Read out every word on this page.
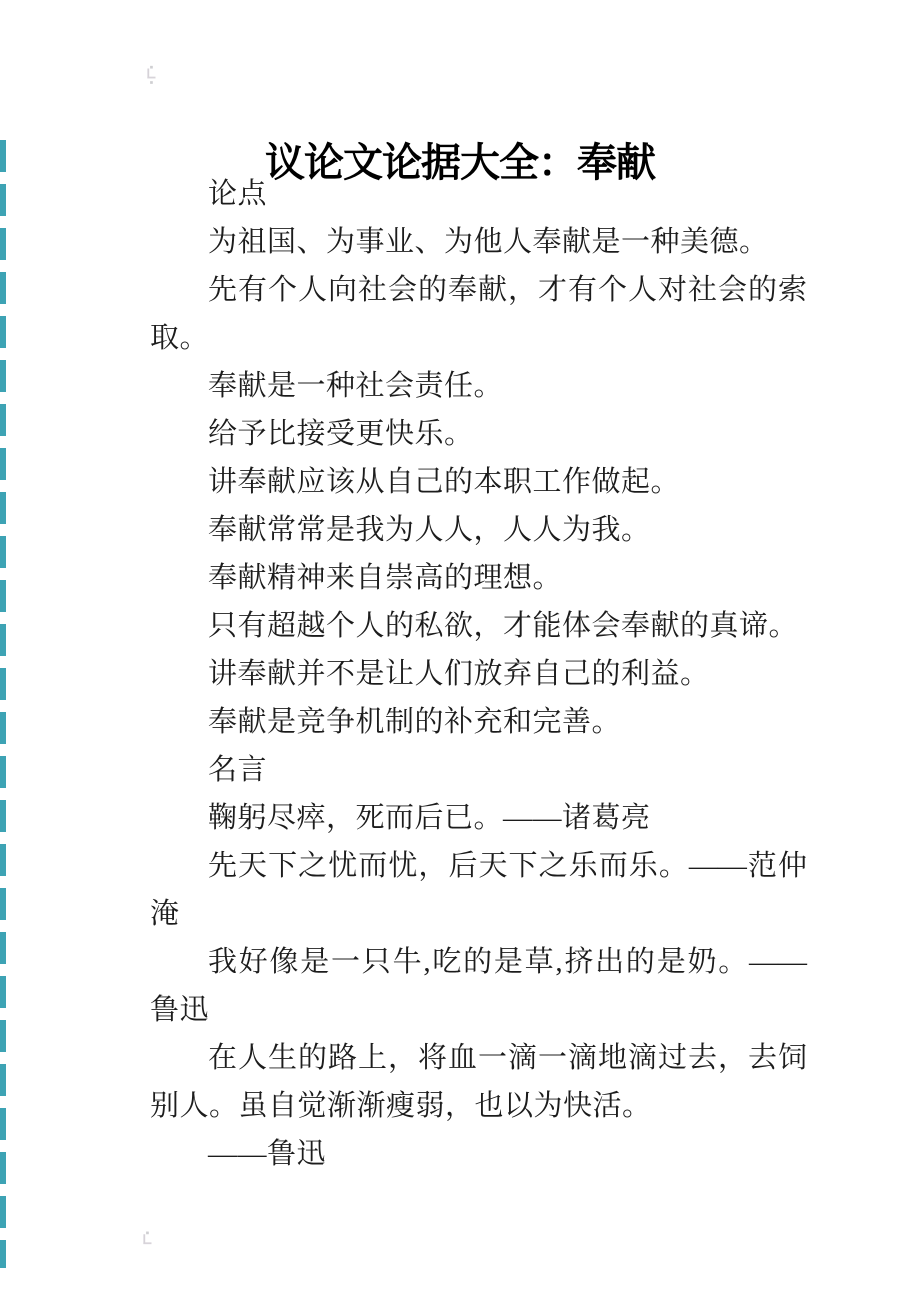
议论文论据大全：奉献
论点
为祖国、为事业、为他人奉献是一种美德。
先有个人向社会的奉献，才有个人对社会的索
取。
奉献是一种社会责任。
给予比接受更快乐。
讲奉献应该从自己的本职工作做起。
奉献常常是我为人人，人人为我。
奉献精神来自崇高的理想。
只有超越个人的私欲，才能体会奉献的真谛。
讲奉献并不是让人们放弃自己的利益。
奉献是竞争机制的补充和完善。
名言
鞠躬尽瘁，死而后已。——诸葛亮
先天下之忧而忧，后天下之乐而乐。——范仲
淹
我好像是一只牛,吃的是草,挤出的是奶。——
鲁迅
在人生的路上，将血一滴一滴地滴过去，去饲
别人。虽自觉渐渐瘦弱，也以为快活。
——鲁迅
